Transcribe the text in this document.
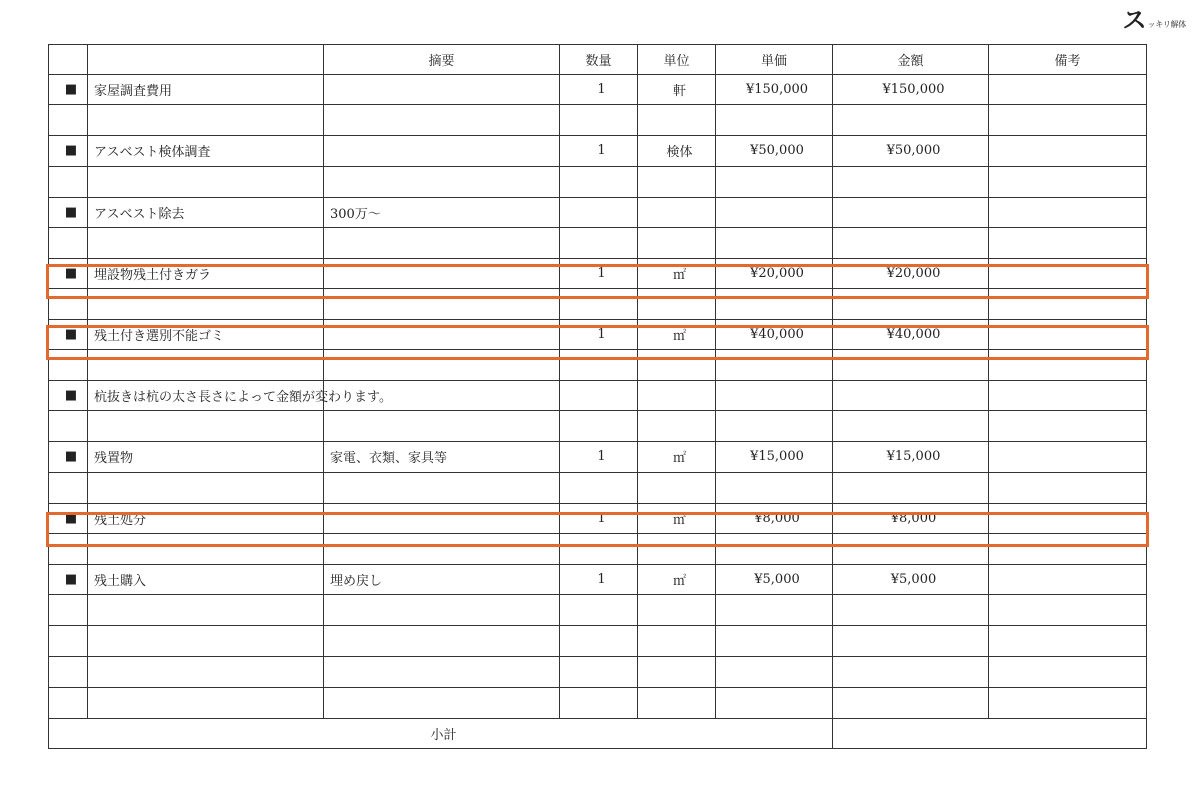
ス ッキリ解体
		摘要	数量	単位	単価	金額	備考
■	家屋調査費用		1	軒	¥150,000	¥150,000	

■	アスベスト検体調査		1	検体	¥50,000	¥50,000	

■	アスベスト除去	300万～					

■	埋設物残土付きガラ		1	㎡	¥20,000	¥20,000	

■	残土付き選別不能ゴミ		1	㎡	¥40,000	¥40,000	

■	杭抜きは杭の太さ長さによって金額が変わります。						

■	残置物	家電、衣類、家具等	1	㎡	¥15,000	¥15,000	

■	残土処分		1	㎡	¥8,000	¥8,000	

■	残土購入	埋め戻し	1	㎡	¥5,000	¥5,000	

小計							
